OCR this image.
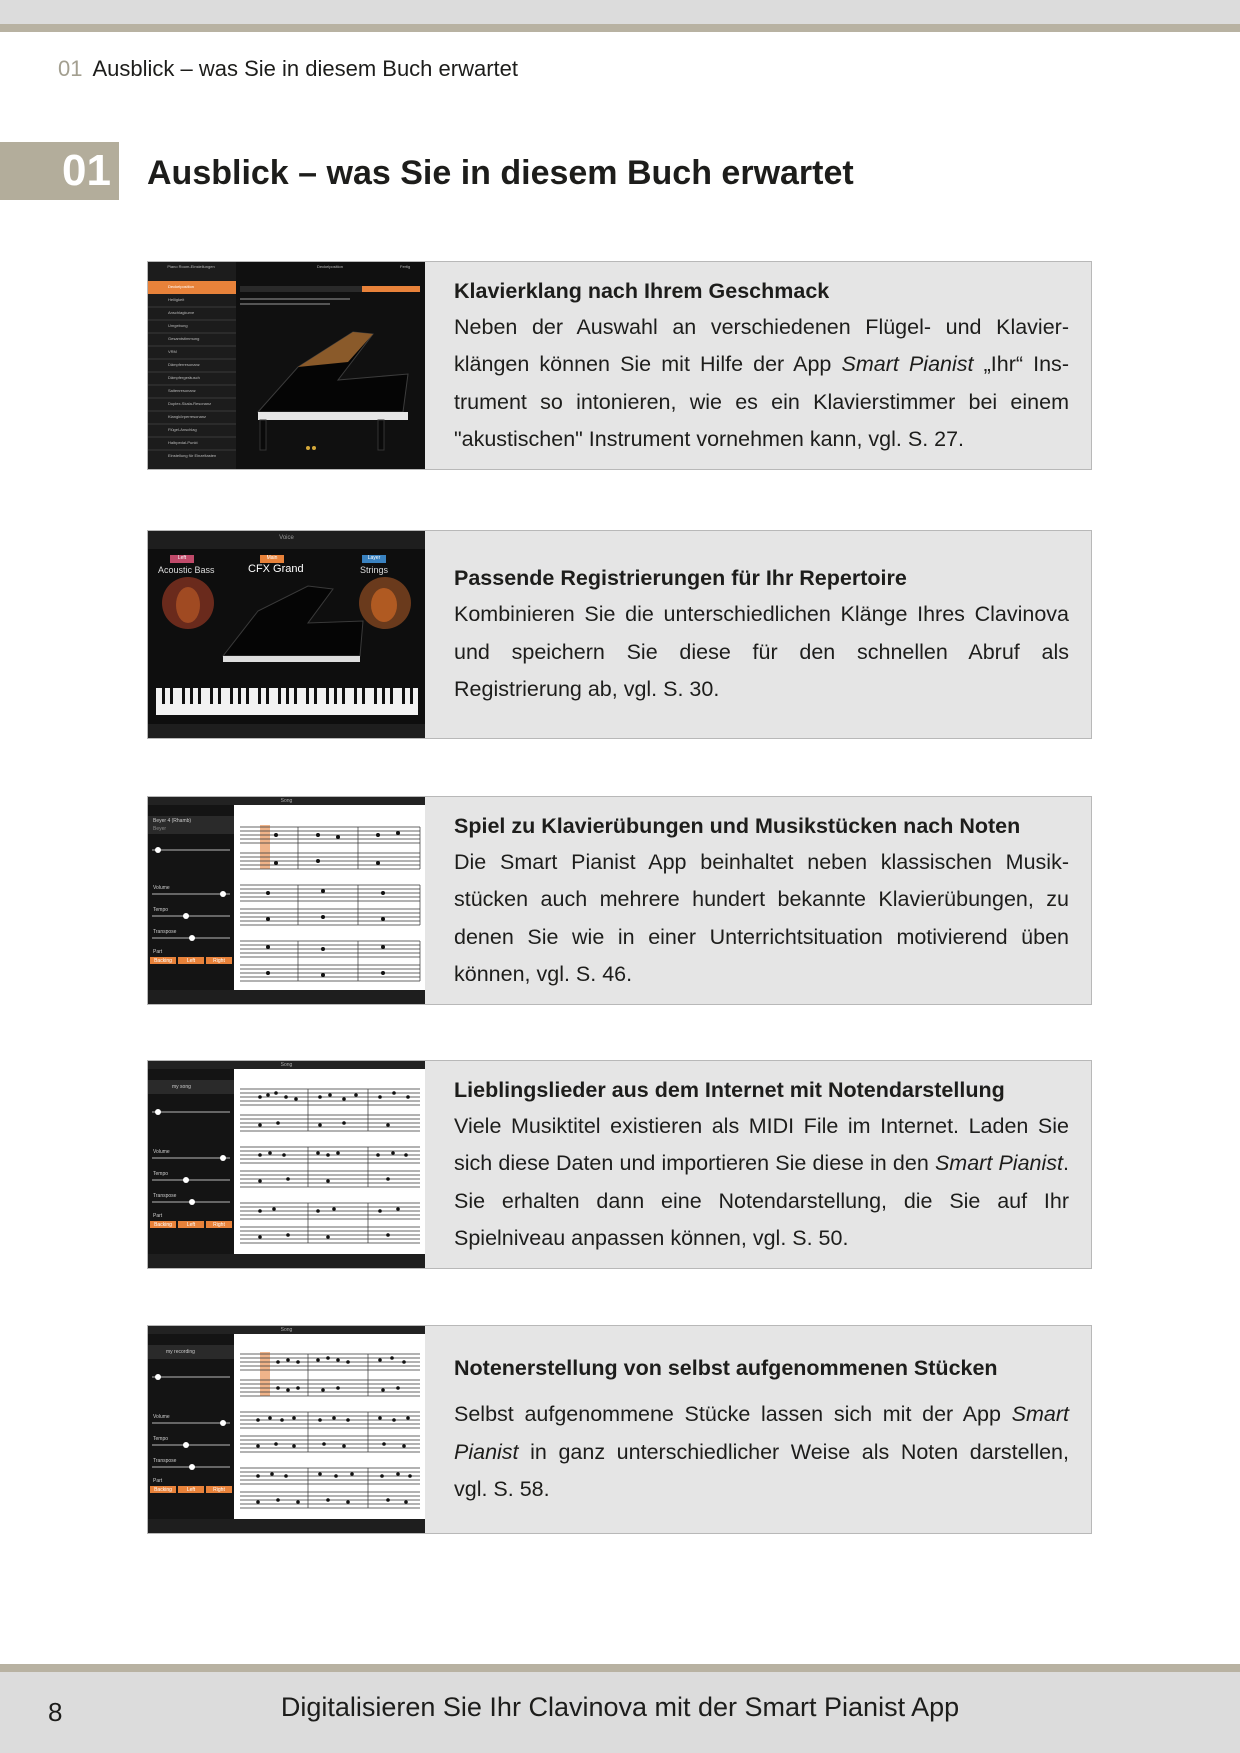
01 Ausblick – was Sie in diesem Buch erwartet
01 Ausblick – was Sie in diesem Buch erwartet
Klavierklang nach Ihrem Geschmack

Neben der Auswahl an verschiedenen Flügel- und Klavierklängen können Sie mit Hilfe der App Smart Pianist „Ihr“ Instrument so intonieren, wie es ein Klavierstimmer bei einem "akustischen" Instrument vornehmen kann, vgl. S. 27.

Voice
Left	Main	Layer
Acoustic Bass	CFX Grand	Strings	Passende Registrierungen für Ihr Repertoire

Kombinieren Sie die unterschiedlichen Klänge Ihres Clavinova und speichern Sie diese für den schnellen Abruf als Registrierung ab, vgl. S. 30.

Song
Beyer 4 (Rhamb)
Beyer
Volume
Tempo
Transpose
Part
Backing	Left	Right
Spiel zu Klavierübungen und Musikstücken nach Noten

Die Smart Pianist App beinhaltet neben klassischen Musikstücken auch mehrere hundert bekannte Klavierübungen, zu denen Sie wie in einer Unterrichtsituation motivierend üben können, vgl. S. 46.

Song
my song
Volume
Tempo
Transpose
Part
Backing	Left	Right
Lieblingslieder aus dem Internet mit Notendarstellung

Viele Musiktitel existieren als MIDI File im Internet. Laden Sie sich diese Daten und importieren Sie diese in den Smart Pianist. Sie erhalten dann eine Notendarstellung, die Sie auf Ihr Spielniveau anpassen können, vgl. S. 50.

Song
my recording
Volume
Tempo
Transpose
Part
Backing	Left	Right
Notenerstellung von selbst aufgenommenen Stücken

Selbst aufgenommene Stücke lassen sich mit der App Smart Pianist in ganz unterschiedlicher Weise als Noten darstellen, vgl. S. 58.

8	Digitalisieren Sie Ihr Clavinova mit der Smart Pianist App
Deckelposition
Helligkeit
Anschlagkurve
Umgebung
Gesamtstimmung
VRM
Dämpferresonanz
Dämpfergeräusch
Saitenresonanz
Duplex-Skala-Resonanz
Klangkörperresonanz
Flügel-Anschlag
Halbpedal-Punkt
Einstellung für Einzeltasten
Piano Room-Einstellungen	Deckelposition	Fertig
